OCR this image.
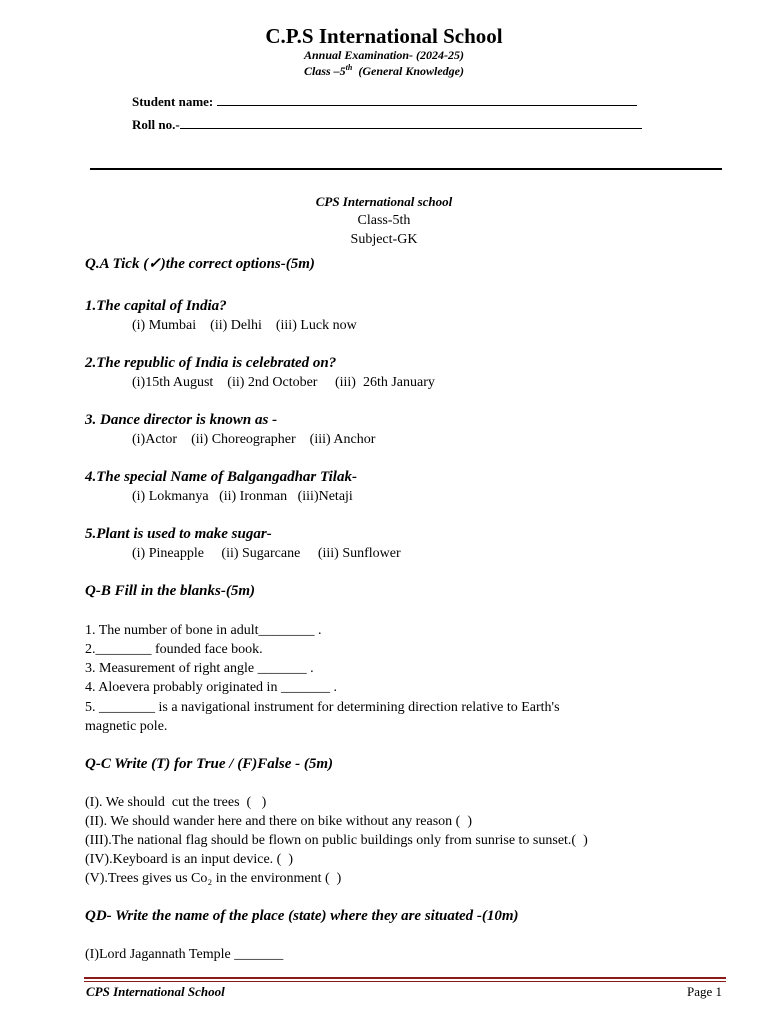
C.P.S International School
Annual Examination- (2024-25)
Class –5th  (General Knowledge)
Student name:
Roll no.-
CPS International school
Class-5th
Subject-GK
Q.A Tick (✓)the correct options-(5m)
1.The capital of India?
(i) Mumbai    (ii) Delhi    (iii) Luck now
2.The republic of India is celebrated on?
(i)15th August    (ii) 2nd October     (iii)  26th January
3. Dance director is known as -
(i)Actor    (ii) Choreographer    (iii) Anchor
4.The special Name of Balgangadhar Tilak-
(i) Lokmanya   (ii) Ironman   (iii)Netaji
5.Plant is used to make sugar-
(i) Pineapple     (ii) Sugarcane     (iii) Sunflower
Q-B Fill in the blanks-(5m)
1. The number of bone in adult________ .
2.________ founded face book.
3. Measurement of right angle _______ .
4. Aloevera probably originated in _______ .
5. ________ is a navigational instrument for determining direction relative to Earth's
magnetic pole.
Q-C Write (T) for True / (F)False - (5m)
(I). We should  cut the trees  (   )
(II). We should wander here and there on bike without any reason (  )
(III).The national flag should be flown on public buildings only from sunrise to sunset.(  )
(IV).Keyboard is an input device. (  )
(V).Trees gives us Co₂ in the environment (  )
QD- Write the name of the place (state) where they are situated -(10m)
(I)Lord Jagannath Temple _______
CPS International School	Page 1
